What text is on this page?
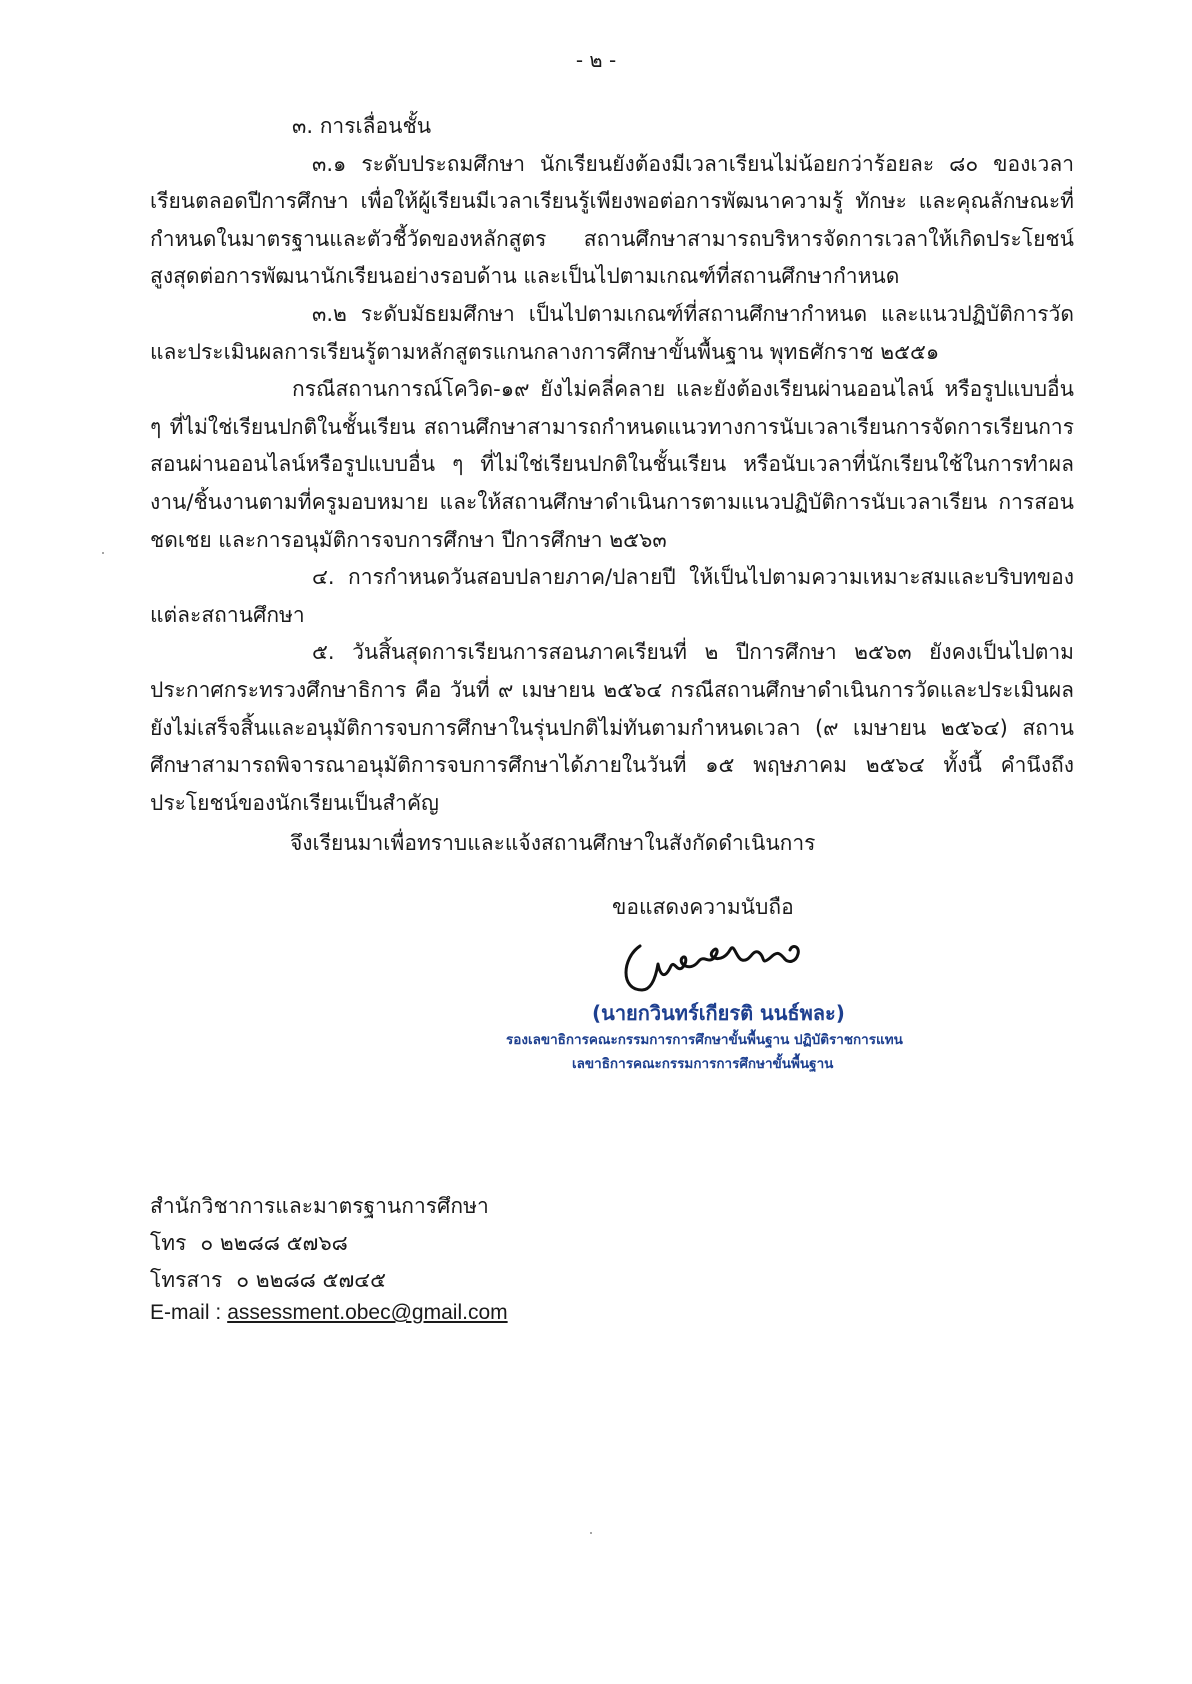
- ๒ -

๓. การเลื่อนชั้น

๓.๑ ระดับประถมศึกษา นักเรียนยังต้องมีเวลาเรียนไม่น้อยกว่าร้อยละ ๘๐ ของเวลาเรียนตลอดปีการศึกษา เพื่อให้ผู้เรียนมีเวลาเรียนรู้เพียงพอต่อการพัฒนาความรู้ ทักษะ และคุณลักษณะที่กำหนดในมาตรฐานและตัวชี้วัดของหลักสูตร สถานศึกษาสามารถบริหารจัดการเวลาให้เกิดประโยชน์สูงสุดต่อการพัฒนานักเรียนอย่างรอบด้าน และเป็นไปตามเกณฑ์ที่สถานศึกษากำหนด

๓.๒ ระดับมัธยมศึกษา เป็นไปตามเกณฑ์ที่สถานศึกษากำหนด และแนวปฏิบัติการวัดและประเมินผลการเรียนรู้ตามหลักสูตรแกนกลางการศึกษาขั้นพื้นฐาน พุทธศักราช ๒๕๕๑

กรณีสถานการณ์โควิด-๑๙ ยังไม่คลี่คลาย และยังต้องเรียนผ่านออนไลน์ หรือรูปแบบอื่น ๆ ที่ไม่ใช่เรียนปกติในชั้นเรียน สถานศึกษาสามารถกำหนดแนวทางการนับเวลาเรียนการจัดการเรียนการสอนผ่านออนไลน์หรือรูปแบบอื่น ๆ ที่ไม่ใช่เรียนปกติในชั้นเรียน หรือนับเวลาที่นักเรียนใช้ในการทำผลงาน/ชิ้นงานตามที่ครูมอบหมาย และให้สถานศึกษาดำเนินการตามแนวปฏิบัติการนับเวลาเรียน การสอนชดเชย และการอนุมัติการจบการศึกษา ปีการศึกษา ๒๕๖๓

๔. การกำหนดวันสอบปลายภาค/ปลายปี ให้เป็นไปตามความเหมาะสมและบริบทของแต่ละสถานศึกษา

๕. วันสิ้นสุดการเรียนการสอนภาคเรียนที่ ๒ ปีการศึกษา ๒๕๖๓ ยังคงเป็นไปตามประกาศกระทรวงศึกษาธิการ คือ วันที่ ๙ เมษายน ๒๕๖๔ กรณีสถานศึกษาดำเนินการวัดและประเมินผลยังไม่เสร็จสิ้นและอนุมัติการจบการศึกษาในรุ่นปกติไม่ทันตามกำหนดเวลา (๙ เมษายน ๒๕๖๔) สถานศึกษาสามารถพิจารณาอนุมัติการจบการศึกษาได้ภายในวันที่ ๑๕ พฤษภาคม ๒๕๖๔ ทั้งนี้ คำนึงถึงประโยชน์ของนักเรียนเป็นสำคัญ

จึงเรียนมาเพื่อทราบและแจ้งสถานศึกษาในสังกัดดำเนินการ
ขอแสดงความนับถือ
(นายกวินทร์เกียรติ นนธ์พละ)
รองเลขาธิการคณะกรรมการการศึกษาขั้นพื้นฐาน ปฏิบัติราชการแทน
เลขาธิการคณะกรรมการการศึกษาขั้นพื้นฐาน
สำนักวิชาการและมาตรฐานการศึกษา
โทร ๐ ๒๒๘๘ ๕๗๖๘
โทรสาร ๐ ๒๒๘๘ ๕๗๔๕
E-mail : assessment.obec@gmail.com
